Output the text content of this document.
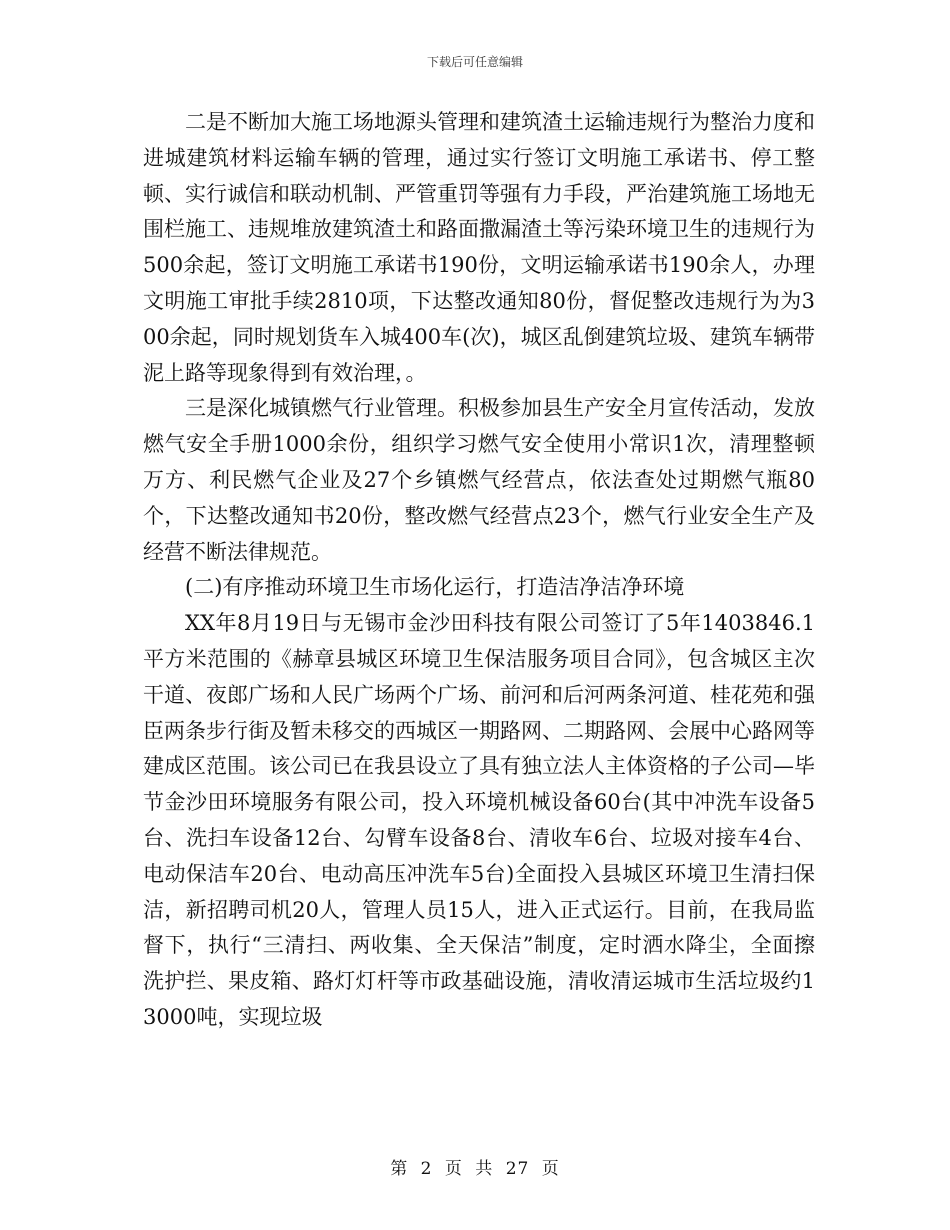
下载后可任意编辑

二是不断加大施工场地源头管理和建筑渣土运输违规行为整治力度和进城建筑材料运输车辆的管理，通过实行签订文明施工承诺书、停工整顿、实行诚信和联动机制、严管重罚等强有力手段，严治建筑施工场地无围栏施工、违规堆放建筑渣土和路面撒漏渣土等污染环境卫生的违规行为500余起，签订文明施工承诺书190份，文明运输承诺书190余人，办理文明施工审批手续2810项，下达整改通知80份，督促整改违规行为为300余起，同时规划货车入城400车(次)，城区乱倒建筑垃圾、建筑车辆带泥上路等现象得到有效治理，。

三是深化城镇燃气行业管理。积极参加县生产安全月宣传活动，发放燃气安全手册1000余份，组织学习燃气安全使用小常识1次，清理整顿万方、利民燃气企业及27个乡镇燃气经营点，依法查处过期燃气瓶80个，下达整改通知书20份，整改燃气经营点23个，燃气行业安全生产及经营不断法律规范。

(二)有序推动环境卫生市场化运行，打造洁净洁净环境

XX年8月19日与无锡市金沙田科技有限公司签订了5年1403846.1平方米范围的《赫章县城区环境卫生保洁服务项目合同》，包含城区主次干道、夜郎广场和人民广场两个广场、前河和后河两条河道、桂花苑和强臣两条步行街及暂未移交的西城区一期路网、二期路网、会展中心路网等建成区范围。该公司已在我县设立了具有独立法人主体资格的子公司—毕节金沙田环境服务有限公司，投入环境机械设备60台(其中冲洗车设备5台、洗扫车设备12台、勾臂车设备8台、清收车6台、垃圾对接车4台、电动保洁车20台、电动高压冲洗车5台)全面投入县城区环境卫生清扫保洁，新招聘司机20人，管理人员15人，进入正式运行。目前，在我局监督下，执行“三清扫、两收集、全天保洁”制度，定时洒水降尘，全面擦洗护拦、果皮箱、路灯灯杆等市政基础设施，清收清运城市生活垃圾约13000吨，实现垃圾

第 2 页 共 27 页
